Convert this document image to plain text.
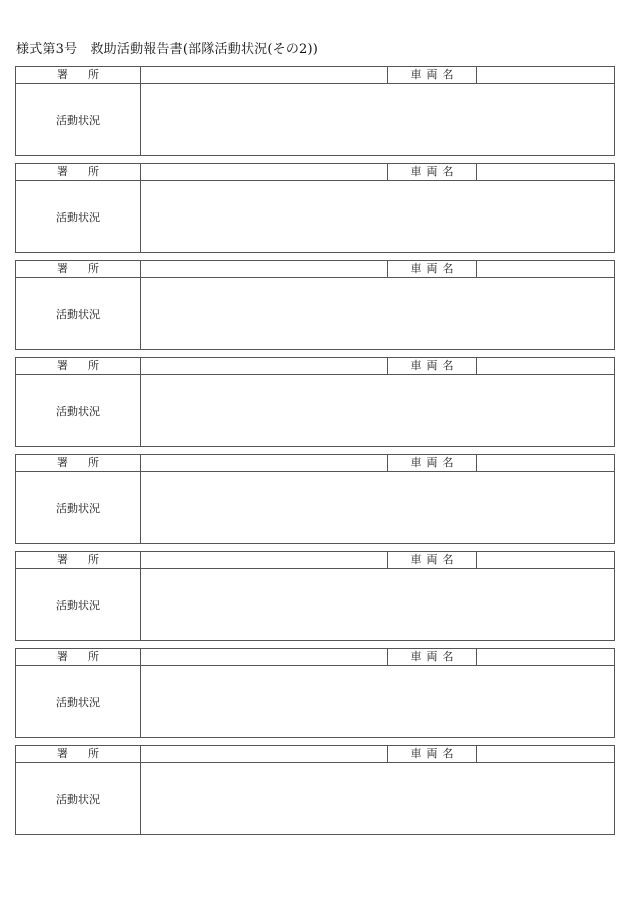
様式第3号　救助活動報告書(部隊活動状況(その2))
署所	車両名
活動状況
署所	車両名
活動状況
署所	車両名
活動状況
署所	車両名
活動状況
署所	車両名
活動状況
署所	車両名
活動状況
署所	車両名
活動状況
署所	車両名
活動状況
